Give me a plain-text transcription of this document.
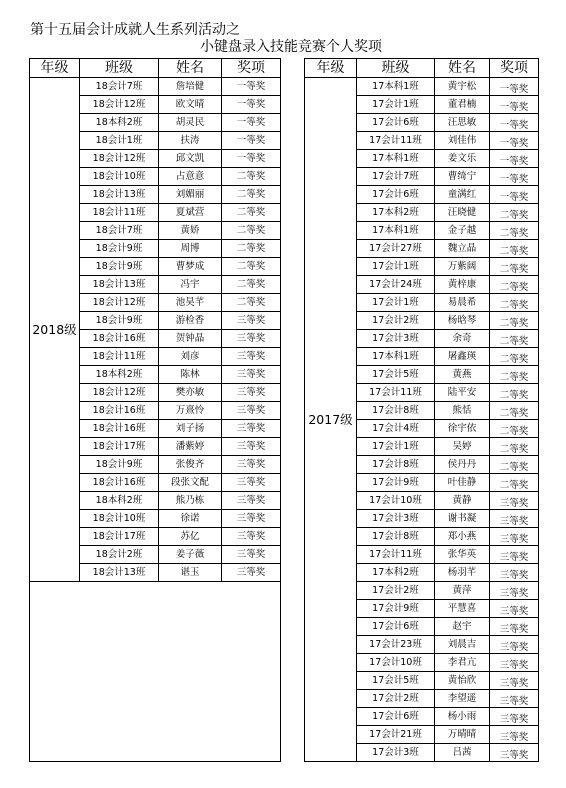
第十五届会计成就人生系列活动之
小键盘录入技能竞赛个人奖项
年级	班级	姓名	奖项
2018级	18会计7班	詹培健	一等奖
	18会计12班	欧文晴	一等奖
	18本科2班	胡灵民	一等奖
	18会计1班	扶涛	一等奖
	18会计12班	邱文凯	一等奖
	18会计10班	占意意	二等奖
	18会计13班	刘媚丽	二等奖
	18会计11班	夏斌营	二等奖
	18会计7班	黄娇	二等奖
	18会计9班	周博	二等奖
	18会计9班	曹梦成	二等奖
	18会计13班	冯宇	二等奖
	18会计12班	池昊芊	二等奖
	18会计9班	游检香	三等奖
	18会计16班	贺钟晶	三等奖
	18会计11班	刘彦	三等奖
	18本科2班	陈林	三等奖
	18会计12班	樊亦敏	三等奖
	18会计16班	万熹怜	三等奖
	18会计16班	刘子扬	三等奖
	18会计17班	潘紫婷	三等奖
	18会计9班	张俊齐	三等奖
	18会计16班	段张文配	三等奖
	18本科2班	熊乃栋	三等奖
	18会计10班	徐诺	三等奖
	18会计17班	苏亿	三等奖
	18会计2班	姜子薇	三等奖
	18会计13班	谌玉	三等奖

年级	班级	姓名	奖项
2017级	17本科1班	黄宇松	一等奖
	17会计1班	董君楠	一等奖
	17会计6班	汪思敏	一等奖
	17会计11班	刘佳伟	一等奖
	17本科1班	姜文乐	一等奖
	17会计7班	曹绮宁	一等奖
	17会计6班	童满红	一等奖
	17本科2班	汪晓健	二等奖
	17本科1班	金子越	二等奖
	17会计27班	魏立晶	二等奖
	17会计1班	万紫阔	二等奖
	17会计24班	黄梓康	二等奖
	17会计1班	易晨希	二等奖
	17会计2班	杨晗琴	二等奖
	17会计3班	余奇	二等奖
	17本科1班	屠鑫瑛	二等奖
	17会计5班	黄燕	二等奖
	17会计11班	陆平安	二等奖
	17会计8班	熊恬	二等奖
	17会计4班	徐宇依	二等奖
	17会计1班	吴婷	二等奖
	17会计8班	侯丹丹	二等奖
	17会计9班	叶佳静	二等奖
	17会计10班	黄静	三等奖
	17会计3班	谢书凝	三等奖
	17会计8班	郑小燕	三等奖
	17会计11班	张华英	三等奖
	17本科2班	杨羽芊	三等奖
	17会计2班	黄萍	三等奖
	17会计9班	平慧喜	三等奖
	17会计6班	赵宇	三等奖
	17会计23班	刘晨吉	三等奖
	17会计10班	李君亢	三等奖
	17会计5班	黄怡欣	三等奖
	17会计2班	李望遥	三等奖
	17会计6班	杨小雨	三等奖
	17会计21班	万晴晴	三等奖
	17会计3班	吕茜	三等奖
